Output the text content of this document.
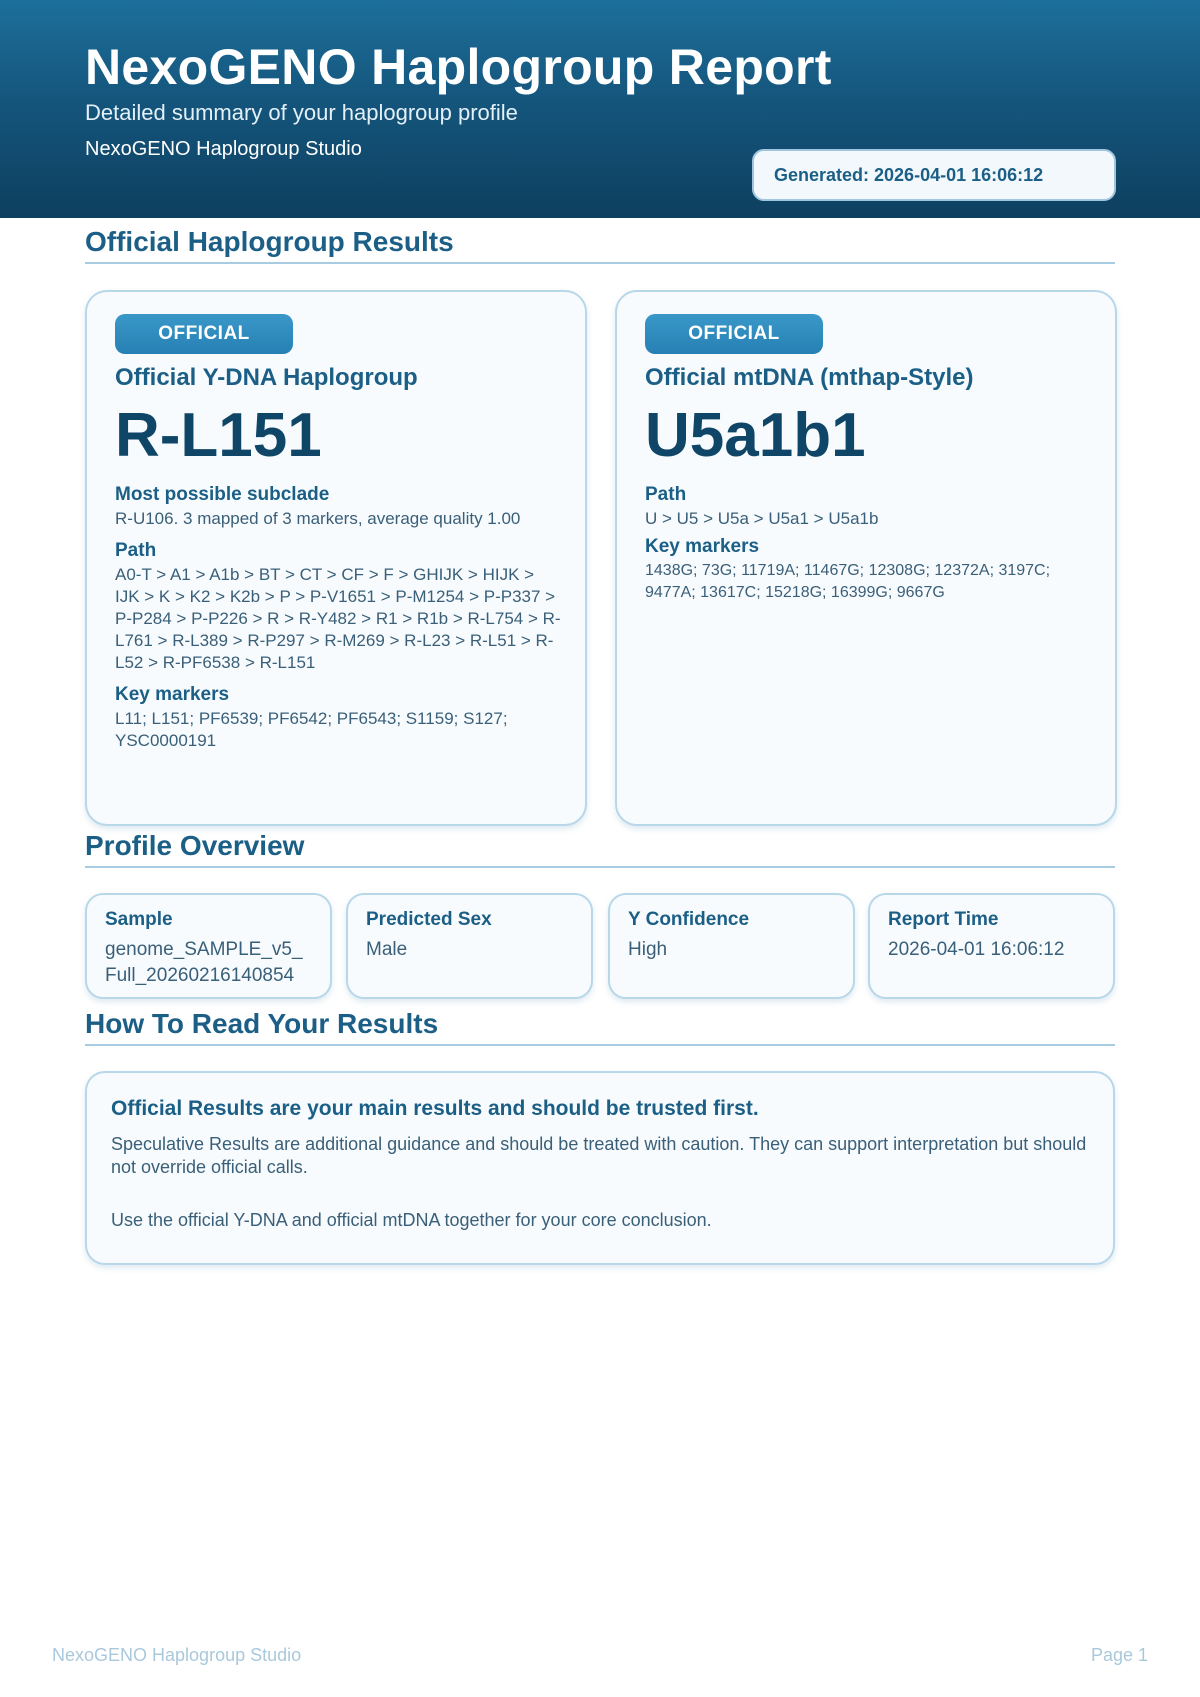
NexoGENO Haplogroup Report
Detailed summary of your haplogroup profile
NexoGENO Haplogroup Studio
Generated: 2026-04-01 16:06:12
Official Haplogroup Results
OFFICIAL
Official Y-DNA Haplogroup
R-L151
Most possible subclade
R-U106. 3 mapped of 3 markers, average quality 1.00
Path
A0-T > A1 > A1b > BT > CT > CF > F > GHIJK > HIJK > IJK > K > K2 > K2b > P > P-V1651 > P-M1254 > P-P337 > P-P284 > P-P226 > R > R-Y482 > R1 > R1b > R-L754 > R-L761 > R-L389 > R-P297 > R-M269 > R-L23 > R-L51 > R-L52 > R-PF6538 > R-L151
Key markers
L11; L151; PF6539; PF6542; PF6543; S1159; S127; YSC0000191
OFFICIAL
Official mtDNA (mthap-Style)
U5a1b1
Path
U > U5 > U5a > U5a1 > U5a1b
Key markers
1438G; 73G; 11719A; 11467G; 12308G; 12372A; 3197C; 9477A; 13617C; 15218G; 16399G; 9667G
Profile Overview
Sample
genome_SAMPLE_v5_Full_20260216140854
Predicted Sex
Male
Y Confidence
High
Report Time
2026-04-01 16:06:12
How To Read Your Results
Official Results are your main results and should be trusted first.
Speculative Results are additional guidance and should be treated with caution. They can support interpretation but should not override official calls.
Use the official Y-DNA and official mtDNA together for your core conclusion.
NexoGENO Haplogroup Studio	Page 1
